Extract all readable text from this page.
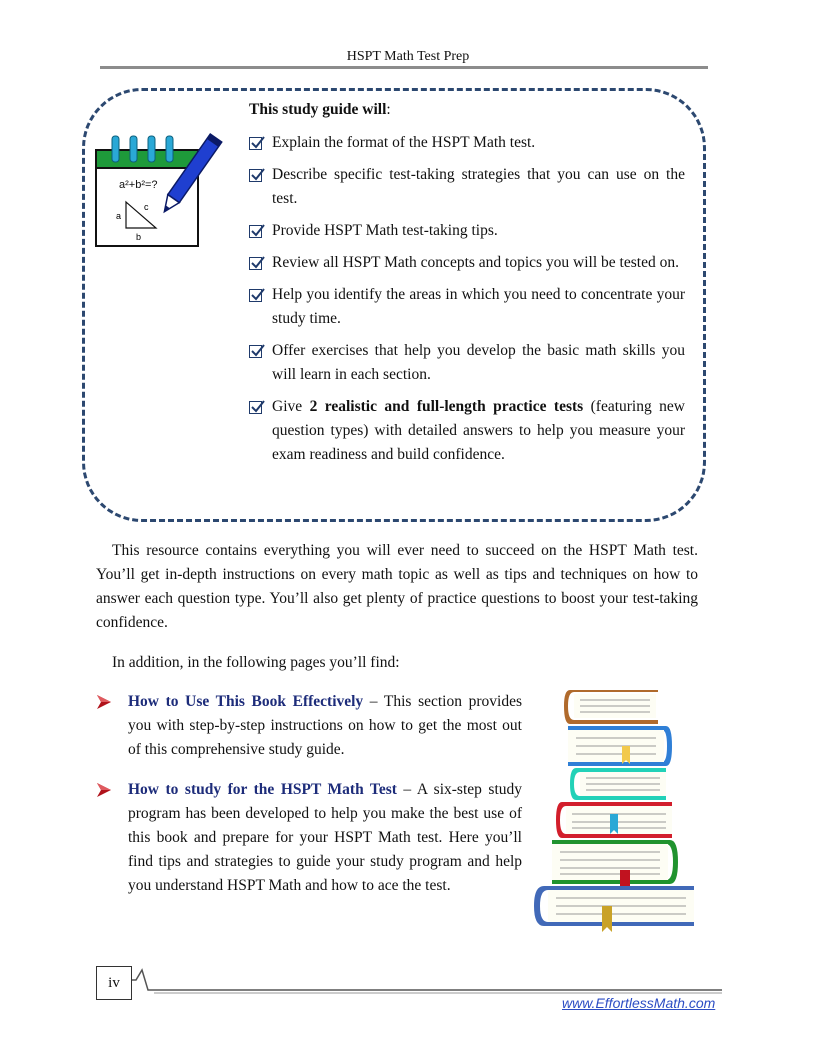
HSPT Math Test Prep
a²+b²=?
a
b
c
This study guide will:
Explain the format of the HSPT Math test.
Describe specific test-taking strategies that you can use on the test.
Provide HSPT Math test-taking tips.
Review all HSPT Math concepts and topics you will be tested on.
Help you identify the areas in which you need to concentrate your study time.
Offer exercises that help you develop the basic math skills you will learn in each section.
Give 2 realistic and full-length practice tests (featuring new question types) with detailed answers to help you measure your exam readiness and build confidence.

This resource contains everything you will ever need to succeed on the HSPT Math test. You’ll get in-depth instructions on every math topic as well as tips and techniques on how to answer each question type. You’ll also get plenty of practice questions to boost your test-taking confidence.

In addition, in the following pages you’ll find:

How to Use This Book Effectively – This section provides you with step-by-step instructions on how to get the most out of this comprehensive study guide.
How to study for the HSPT Math Test – A six-step study program has been developed to help you make the best use of this book and prepare for your HSPT Math test. Here you’ll find tips and strategies to guide your study program and help you understand HSPT Math and how to ace the test.
iv
www.EffortlessMath.com
